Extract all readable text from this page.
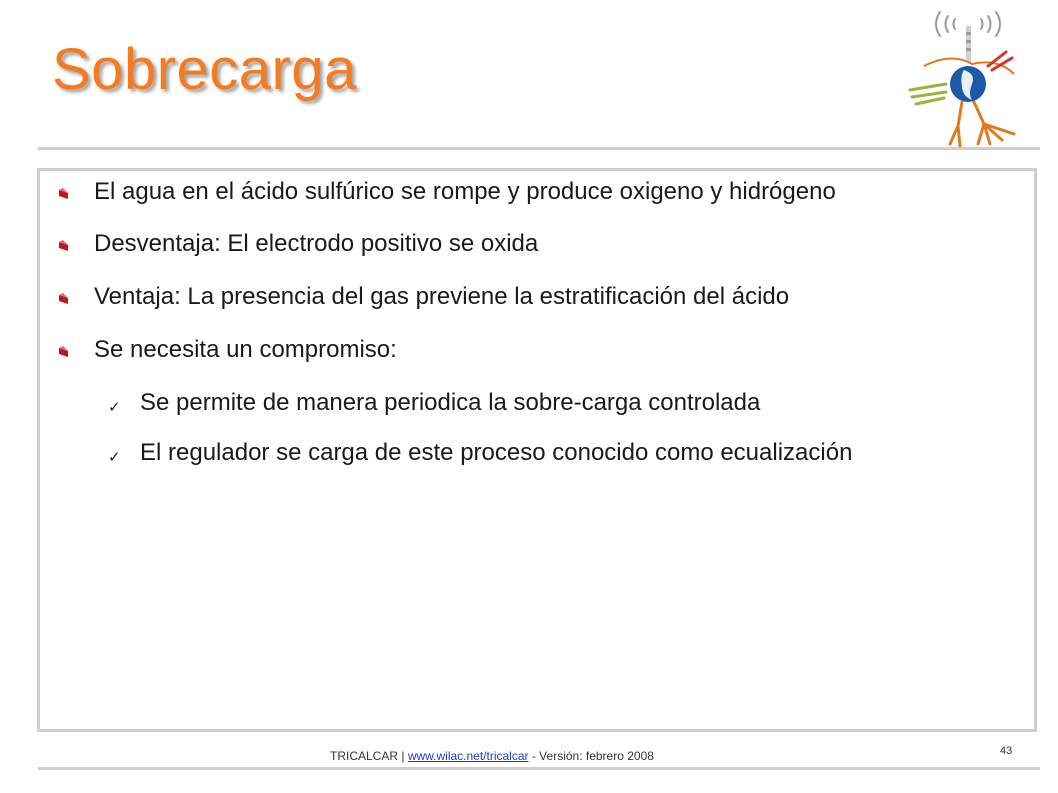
Sobrecarga
El agua en el ácido sulfúrico se rompe y produce oxigeno y hidrógeno
Desventaja: El electrodo positivo se oxida
Ventaja: La presencia del gas previene la estratificación del ácido
Se necesita un compromiso:
✓ Se permite de manera periodica la sobre-carga controlada
✓ El regulador se carga de este proceso conocido como ecualización
TRICALCAR | www.wilac.net/tricalcar - Versión: febrero 2008	43
